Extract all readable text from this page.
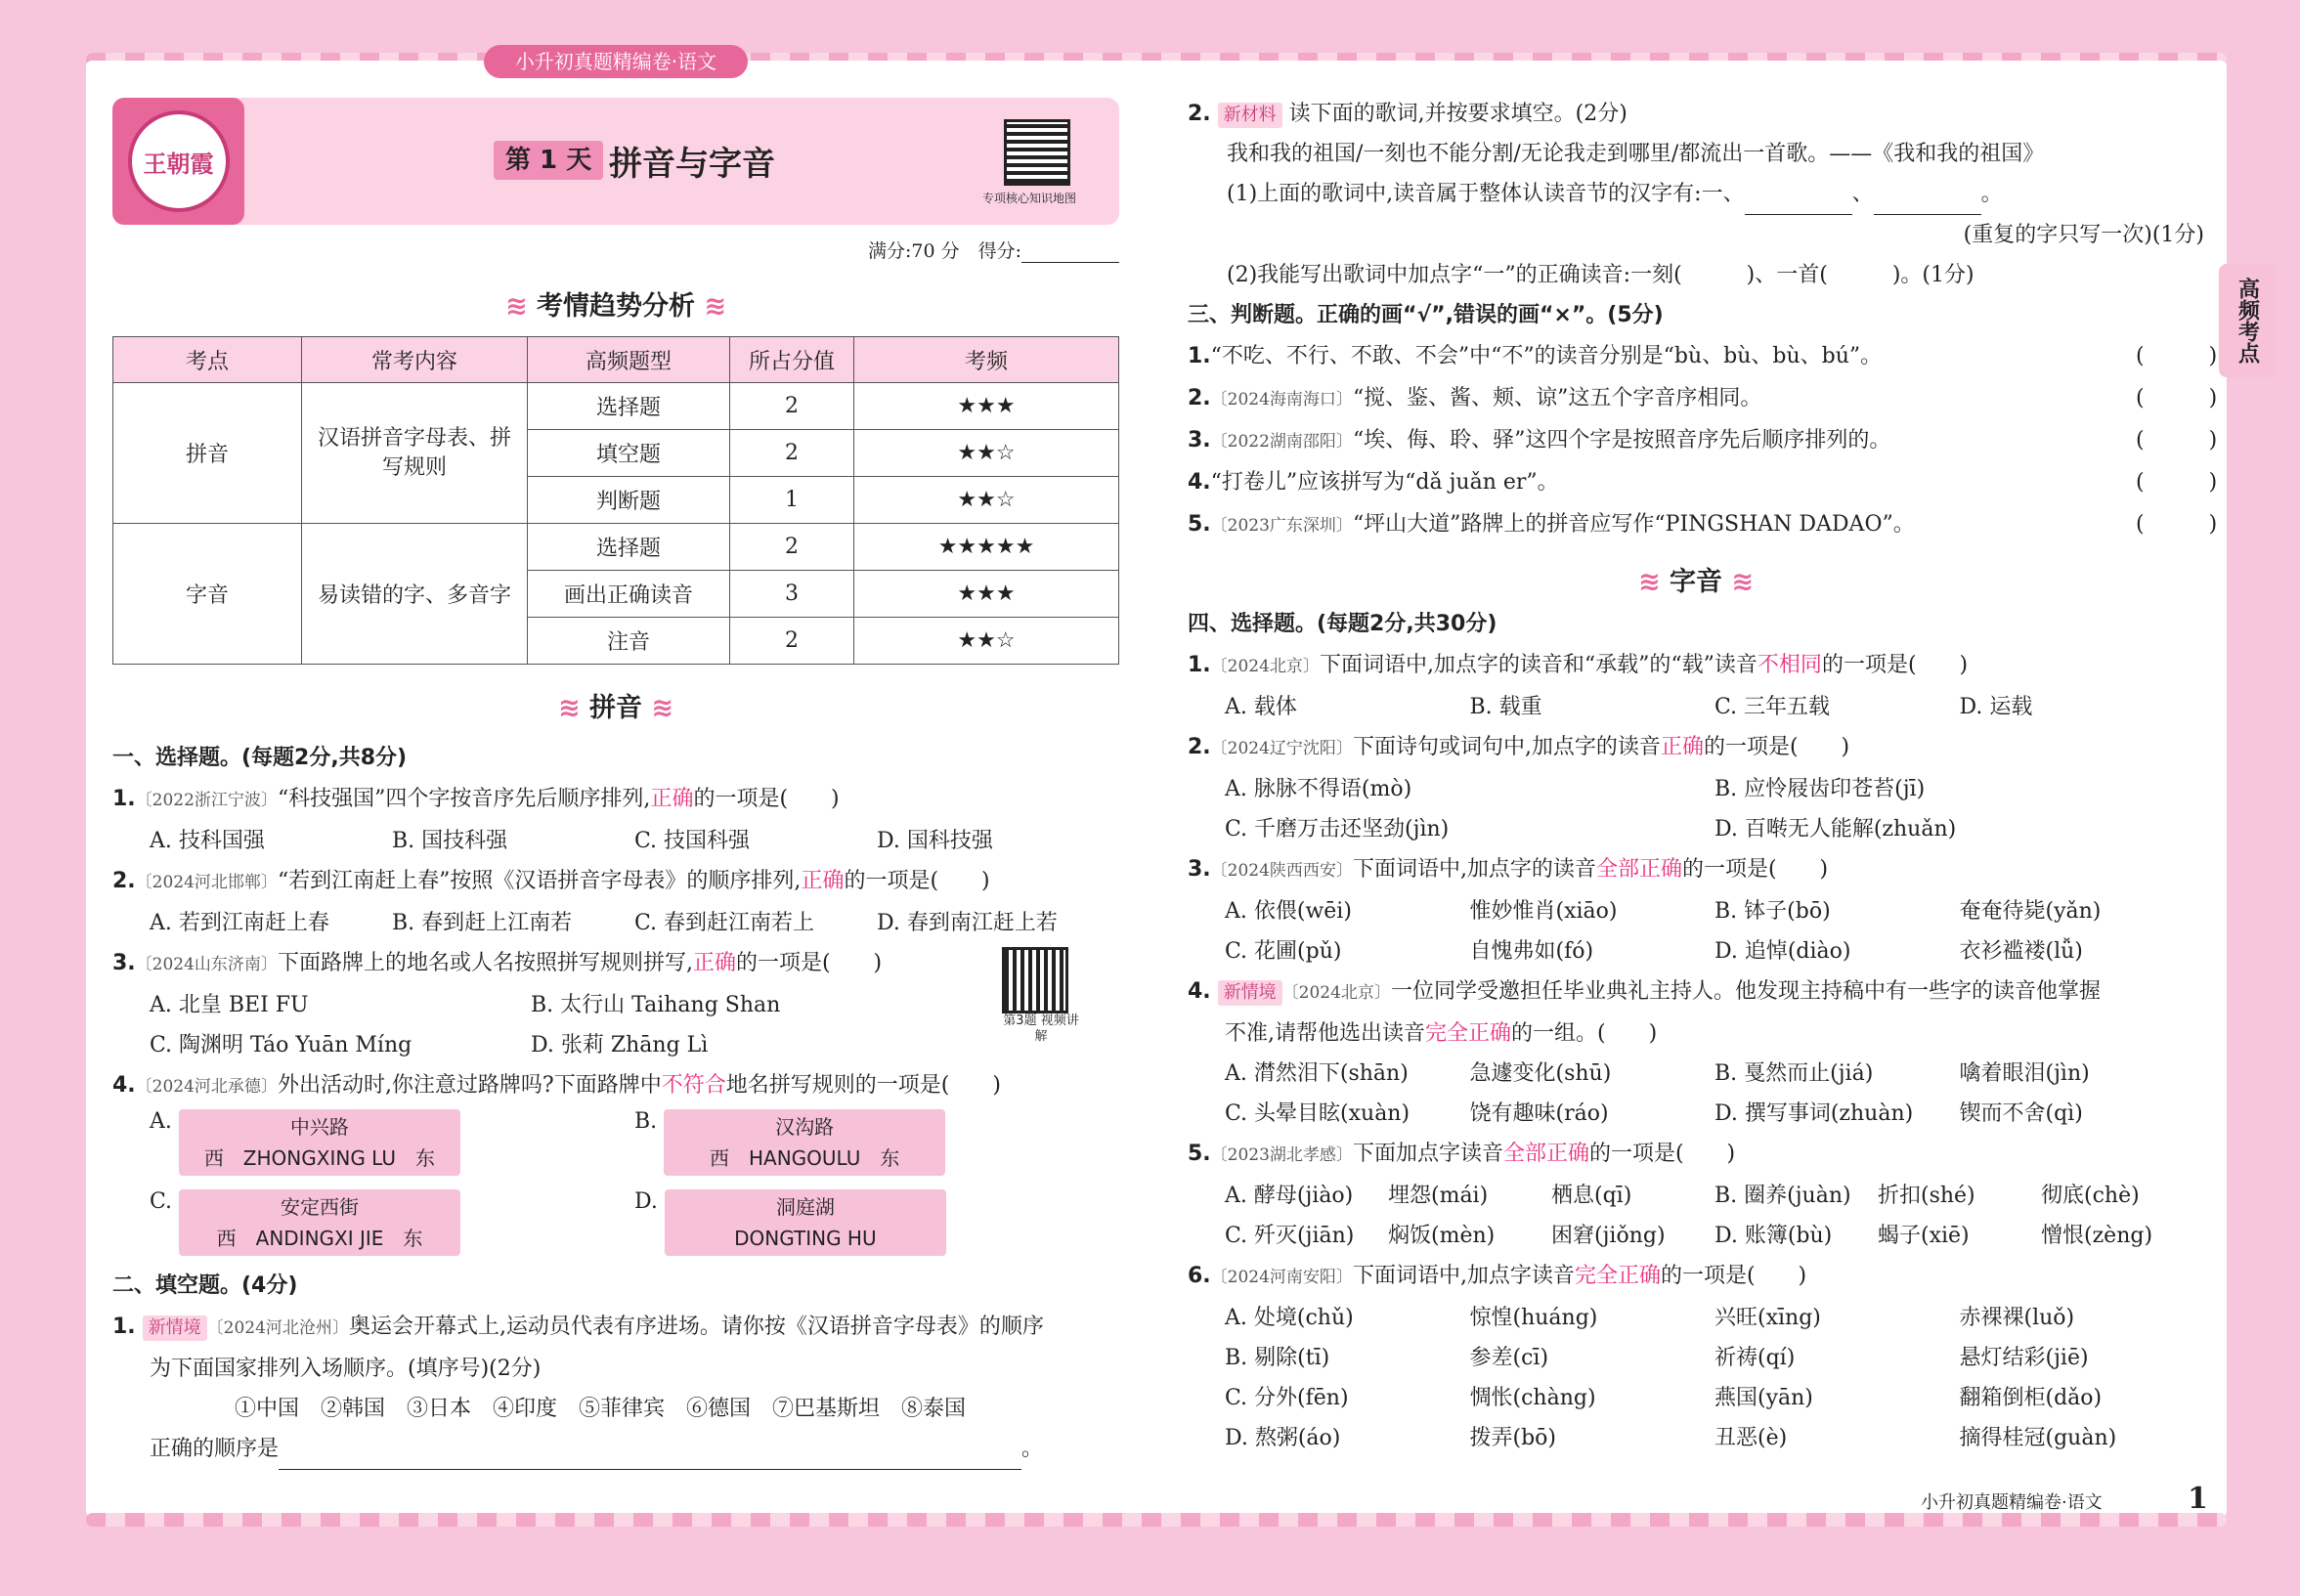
小升初真题精编卷·语文
高频考点
王朝霞	第 1 天 拼音与字音
专项核心知识地图
满分:70 分　 得分:
≋ 考情趋势分析 ≋
考点	常考内容	高频题型	所占分值	考频
拼音	汉语拼音字母表、拼写规则	选择题	2	★★★
		填空题	2	★★☆
		判断题	1	★★☆
字音	易读错的字、多音字	选择题	2	★★★★★
		画出正确读音	3	★★★
		注音	2	★★☆
≋ 拼音 ≋
一、选择题。(每题2分,共8分)
1.〔2022浙江宁波〕“科技强国”四个字按音序先后顺序排列,正确的一项是(　　)
A. 技科国强	B. 国技科强	C. 技国科强	D. 国科技强
2.〔2024河北邯郸〕“若到江南赶上春”按照《汉语拼音字母表》的顺序排列,正确的一项是(　　)
A. 若到江南赶上春	B. 春到赶上江南若	C. 春到赶江南若上	D. 春到南江赶上若
3.〔2024山东济南〕下面路牌上的地名或人名按照拼写规则拼写,正确的一项是(　　)
A. 北皇 BEI FU	B. 太行山 Taihang Shan
C. 陶渊明 Táo Yuān Míng	D. 张莉 Zhāng Lì
第3题 视频讲解
4.〔2024河北承德〕外出活动时,你注意过路牌吗?下面路牌中不符合地名拼写规则的一项是(　　)
A.	中兴路
西　ZHONGXING LU　东
B.	汉沟路
西　HANGOULU　东
C.	安定西街
西　ANDINGXI JIE　东
D.	洞庭湖
DONGTING HU
二、填空题。(4分)
1. 新情境 〔2024河北沧州〕奥运会开幕式上,运动员代表有序进场。请你按《汉语拼音字母表》的顺序
为下面国家排列入场顺序。(填序号)(2分)
①中国　②韩国　③日本　④印度　⑤菲律宾　⑥德国　⑦巴基斯坦　⑧泰国
正确的顺序是	。
2. 新材料 读下面的歌词,并按要求填空。(2分)
我和我的祖国/一刻也不能分割/无论我走到哪里/都流出一首歌。——《我和我的祖国》
(1)上面的歌词中,读音属于整体认读音节的汉字有:一、	、	。
(重复的字只写一次)(1分)
(2)我能写出歌词中加点字“一”的正确读音:一刻(　　　)、一首(　　　)。(1分)
三、判断题。正确的画“√”,错误的画“×”。(5分)
(　　　)
1.“不吃、不行、不敢、不会”中“不”的读音分别是“bù、bù、bù、bú”。
(　　　)
2.〔2024海南海口〕“搅、鉴、酱、颊、谅”这五个字音序相同。
(　　　)
3.〔2022湖南邵阳〕“埃、侮、聆、驿”这四个字是按照音序先后顺序排列的。
(　　　)
4.“打卷儿”应该拼写为“dǎ juǎn er”。
(　　　)
5.〔2023广东深圳〕“坪山大道”路牌上的拼音应写作“PINGSHAN DADAO”。
≋ 字音 ≋
四、选择题。(每题2分,共30分)
1.〔2024北京〕下面词语中,加点字的读音和“承载”的“载”读音不相同的一项是(　　)
A. 载体	B. 载重	C. 三年五载	D. 运载
2.〔2024辽宁沈阳〕下面诗句或词句中,加点字的读音正确的一项是(　　)
A. 脉脉不得语(mò)	B. 应怜屐齿印苍苔(jī)
C. 千磨万击还坚劲(jìn)	D. 百啭无人能解(zhuǎn)
3.〔2024陕西西安〕下面词语中,加点字的读音全部正确的一项是(　　)
A. 依偎(wēi)	惟妙惟肖(xiāo)	B. 钵子(bō)	奄奄待毙(yǎn)
C. 花圃(pǔ)	自愧弗如(fó)	D. 追悼(diào)	衣衫褴褛(lǚ)
4. 新情境 〔2024北京〕一位同学受邀担任毕业典礼主持人。他发现主持稿中有一些字的读音他掌握
不准,请帮他选出读音完全正确的一组。(　　)
A. 潸然泪下(shān)	急遽变化(shū)	B. 戛然而止(jiá)	噙着眼泪(jìn)
C. 头晕目眩(xuàn)	饶有趣味(ráo)	D. 撰写事词(zhuàn)	锲而不舍(qì)
5.〔2023湖北孝感〕下面加点字读音全部正确的一项是(　　)
A. 酵母(jiào)	埋怨(mái)	栖息(qī)	B. 圈养(juàn)	折扣(shé)	彻底(chè)
C. 歼灭(jiān)	焖饭(mèn)	困窘(jiǒng)	D. 账簿(bù)	蝎子(xiē)	憎恨(zèng)
6.〔2024河南安阳〕下面词语中,加点字读音完全正确的一项是(　　)
A. 处境(chǔ)	惊惶(huáng)	兴旺(xīng)	赤裸裸(luǒ)
B. 剔除(tī)	参差(cī)	祈祷(qí)	悬灯结彩(jiē)
C. 分外(fēn)	惆怅(chàng)	燕国(yān)	翻箱倒柜(dǎo)
D. 熬粥(áo)	拨弄(bō)	丑恶(è)	摘得桂冠(guàn)
小升初真题精编卷·语文	1
